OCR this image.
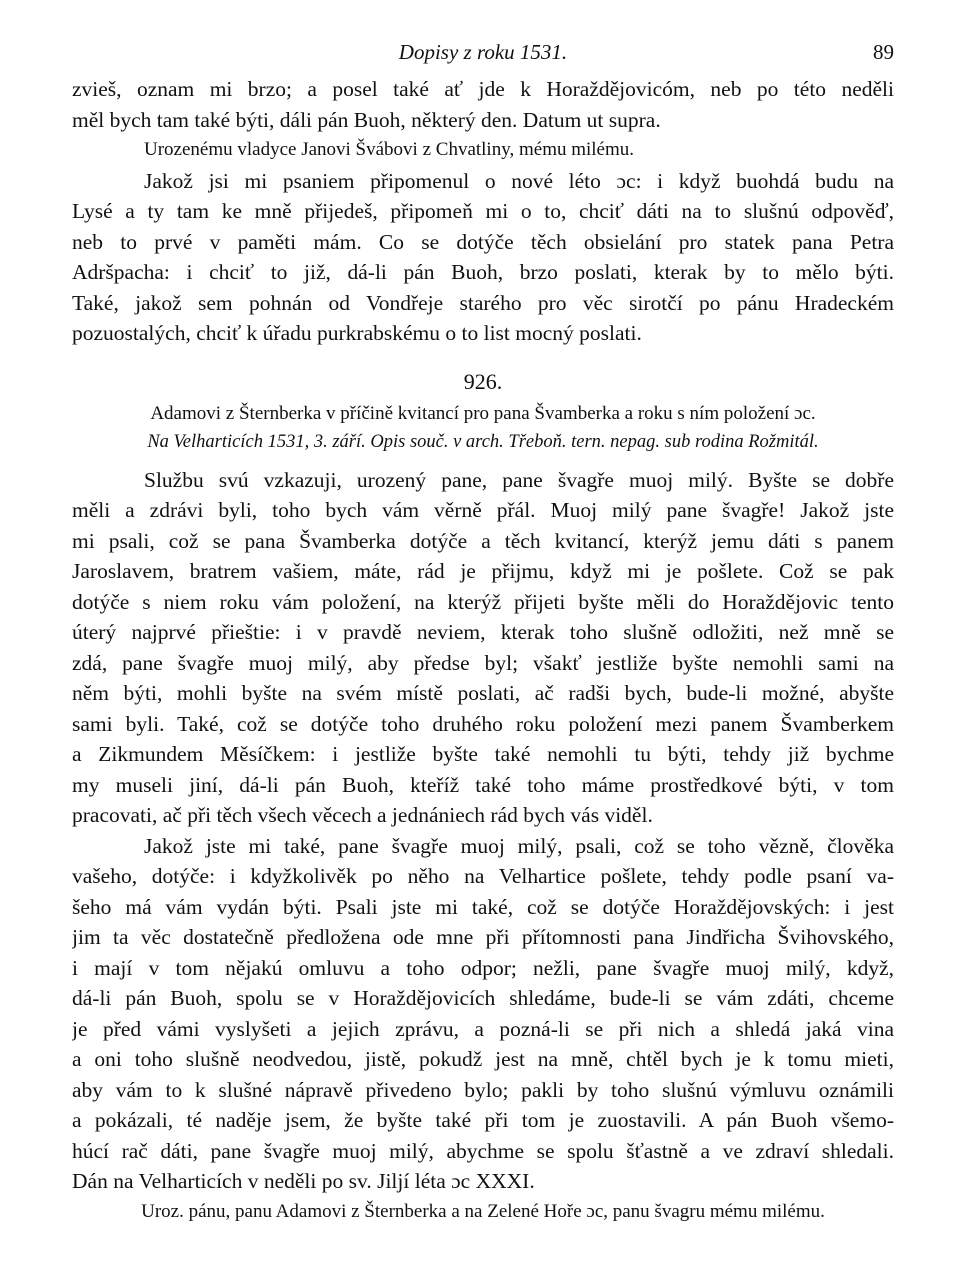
Dopisy z roku 1531.	89
zvieš, oznam mi brzo; a posel také ať jde k Horaždějovicóm, neb po této neděli
měl bych tam také býti, dáli pán Buoh, některý den. Datum ut supra.
Urozenému vladyce Janovi Švábovi z Chvatliny, mému milému.
Jakož jsi mi psaniem připomenul o nové léto ɔc: i když buohdá budu na
Lysé a ty tam ke mně přijedeš, připomeň mi o to, chciť dáti na to slušnú odpověď,
neb to prvé v paměti mám. Co se dotýče těch obsielání pro statek pana Petra
Adršpacha: i chciť to již, dá-li pán Buoh, brzo poslati, kterak by to mělo býti.
Také, jakož sem pohnán od Vondřeje starého pro věc sirotčí po pánu Hradeckém
pozuostalých, chciť k úřadu purkrabskému o to list mocný poslati.
926.
Adamovi z Šternberka v příčině kvitancí pro pana Švamberka a roku s ním položení ɔc.
Na Velharticích 1531, 3. září. Opis souč. v arch. Třeboň. tern. nepag. sub rodina Rožmitál.
Službu svú vzkazuji, urozený pane, pane švagře muoj milý. Byšte se dobře
měli a zdrávi byli, toho bych vám věrně přál. Muoj milý pane švagře! Jakož jste
mi psali, což se pana Švamberka dotýče a těch kvitancí, kterýž jemu dáti s panem
Jaroslavem, bratrem vašiem, máte, rád je přijmu, když mi je pošlete. Což se pak
dotýče s niem roku vám položení, na kterýž přijeti byšte měli do Horaždějovic tento
úterý najprvé přieštie: i v pravdě neviem, kterak toho slušně odložiti, než mně se
zdá, pane švagře muoj milý, aby předse byl; všakť jestliže byšte nemohli sami na
něm býti, mohli byšte na svém místě poslati, ač radši bych, bude-li možné, abyšte
sami byli. Také, což se dotýče toho druhého roku položení mezi panem Švamberkem
a Zikmundem Měsíčkem: i jestliže byšte také nemohli tu býti, tehdy již bychme
my museli jiní, dá-li pán Buoh, kteříž také toho máme prostředkové býti, v tom
pracovati, ač při těch všech věcech a jednániech rád bych vás viděl.
Jakož jste mi také, pane švagře muoj milý, psali, což se toho vězně, člověka
vašeho, dotýče: i kdyžkolivěk po něho na Velhartice pošlete, tehdy podle psaní va-
šeho má vám vydán býti. Psali jste mi také, což se dotýče Horaždějovských: i jest
jim ta věc dostatečně předložena ode mne při přítomnosti pana Jindřicha Švihovského,
i mají v tom nějakú omluvu a toho odpor; nežli, pane švagře muoj milý, když,
dá-li pán Buoh, spolu se v Horaždějovicích shledáme, bude-li se vám zdáti, chceme
je před vámi vyslyšeti a jejich zprávu, a pozná-li se při nich a shledá jaká vina
a oni toho slušně neodvedou, jistě, pokudž jest na mně, chtěl bych je k tomu mieti,
aby vám to k slušné nápravě přivedeno bylo; pakli by toho slušnú výmluvu oznámili
a pokázali, té naděje jsem, že byšte také při tom je zuostavili. A pán Buoh všemo-
húcí rač dáti, pane švagře muoj milý, abychme se spolu šťastně a ve zdraví shledali.
Dán na Velharticích v neděli po sv. Jiljí léta ɔc XXXI.
Uroz. pánu, panu Adamovi z Šternberka a na Zelené Hoře ɔc, panu švagru mému milému.
